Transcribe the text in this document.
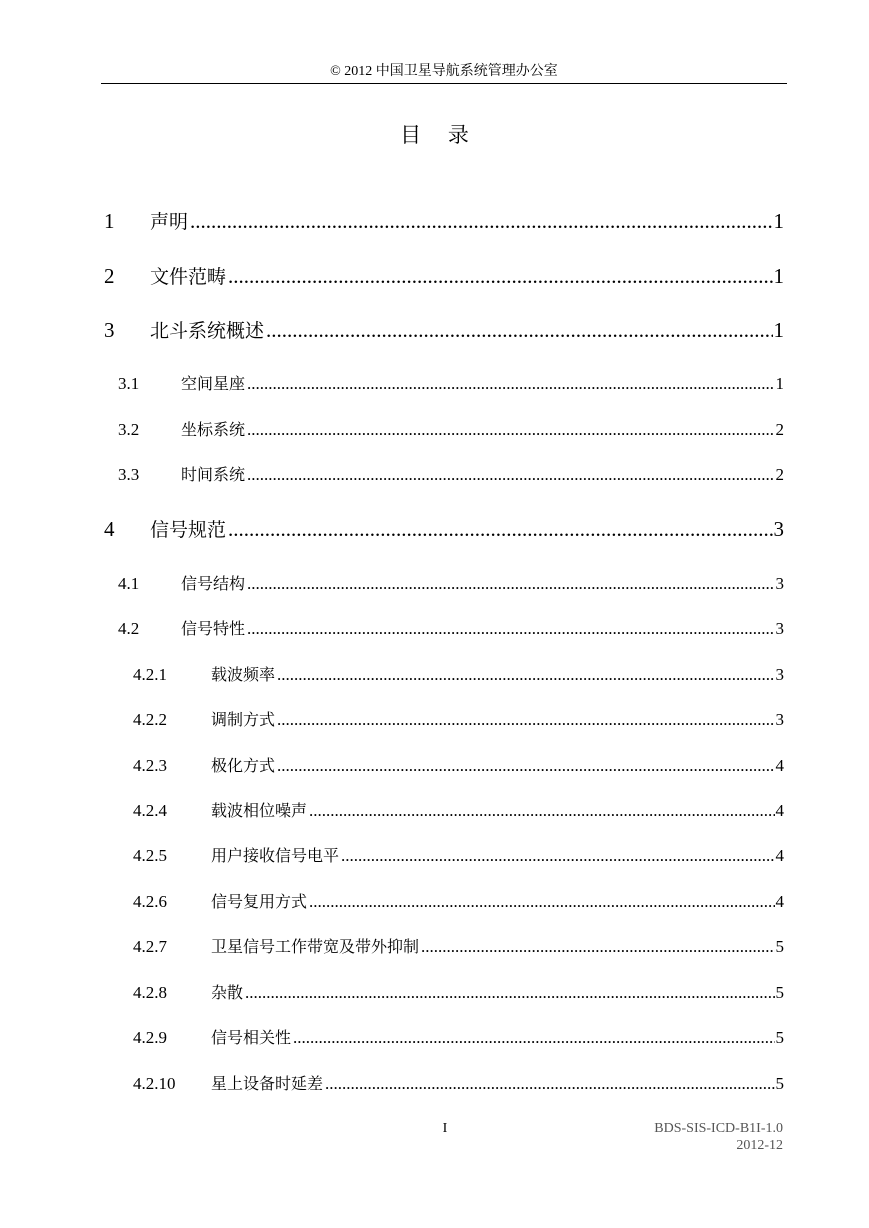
© 2012 中国卫星导航系统管理办公室
目    录
1	声明 .....	1
2	文件范畴 .....	1
3	北斗系统概述 .....	1
3.1	空间星座 .....	1
3.2	坐标系统 .....	2
3.3	时间系统 .....	2
4	信号规范 .....	3
4.1	信号结构 .....	3
4.2	信号特性 .....	3
4.2.1	载波频率 .....	3
4.2.2	调制方式 .....	3
4.2.3	极化方式 .....	4
4.2.4	载波相位噪声 .....	4
4.2.5	用户接收信号电平 .....	4
4.2.6	信号复用方式 .....	4
4.2.7	卫星信号工作带宽及带外抑制 .....	5
4.2.8	杂散 .....	5
4.2.9	信号相关性 .....	5
4.2.10	星上设备时延差 .....	5
I	BDS-SIS-ICD-B1I-1.0
2012-12
